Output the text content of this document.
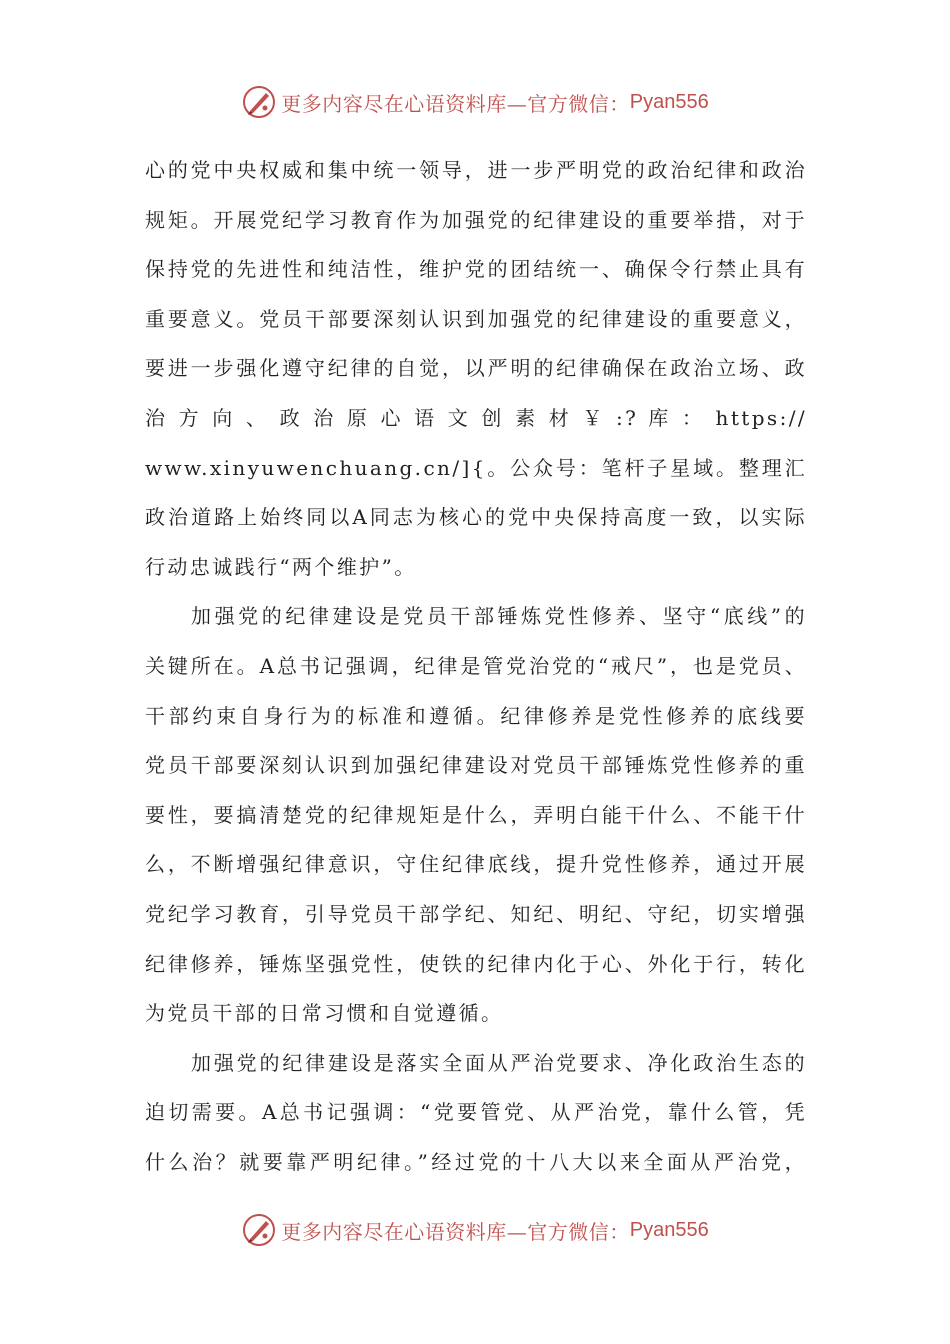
更多内容尽在心语资料库—官方微信： Pyan556
心的党中央权威和集中统一领导，进一步严明党的政治纪律和政治
规矩。开展党纪学习教育作为加强党的纪律建设的重要举措，对于
保持党的先进性和纯洁性，维护党的团结统一、确保令行禁止具有
重要意义。党员干部要深刻认识到加强党的纪律建设的重要意义，
要进一步强化遵守纪律的自觉，以严明的纪律确保在政治立场、政
治 方 向 、 政 治 原 心 语 文 创 素 材 ￥ :? 库 ： https://
www.xinyuwenchuang.cn/]{。公众号：笔杆子星域。整理汇
政治道路上始终同以A同志为核心的党中央保持高度一致，以实际
行动忠诚践行“两个维护”。
加强党的纪律建设是党员干部锤炼党性修养、坚守“底线”的
关键所在。A总书记强调，纪律是管党治党的“戒尺”，也是党员、
干部约束自身行为的标准和遵循。纪律修养是党性修养的底线要
党员干部要深刻认识到加强纪律建设对党员干部锤炼党性修养的重
要性，要搞清楚党的纪律规矩是什么，弄明白能干什么、不能干什
么，不断增强纪律意识，守住纪律底线，提升党性修养，通过开展
党纪学习教育，引导党员干部学纪、知纪、明纪、守纪，切实增强
纪律修养，锤炼坚强党性，使铁的纪律内化于心、外化于行，转化
为党员干部的日常习惯和自觉遵循。
加强党的纪律建设是落实全面从严治党要求、净化政治生态的
迫切需要。A总书记强调：“党要管党、从严治党，靠什么管，凭
什么治？就要靠严明纪律。”经过党的十八大以来全面从严治党，
更多内容尽在心语资料库—官方微信： Pyan556
